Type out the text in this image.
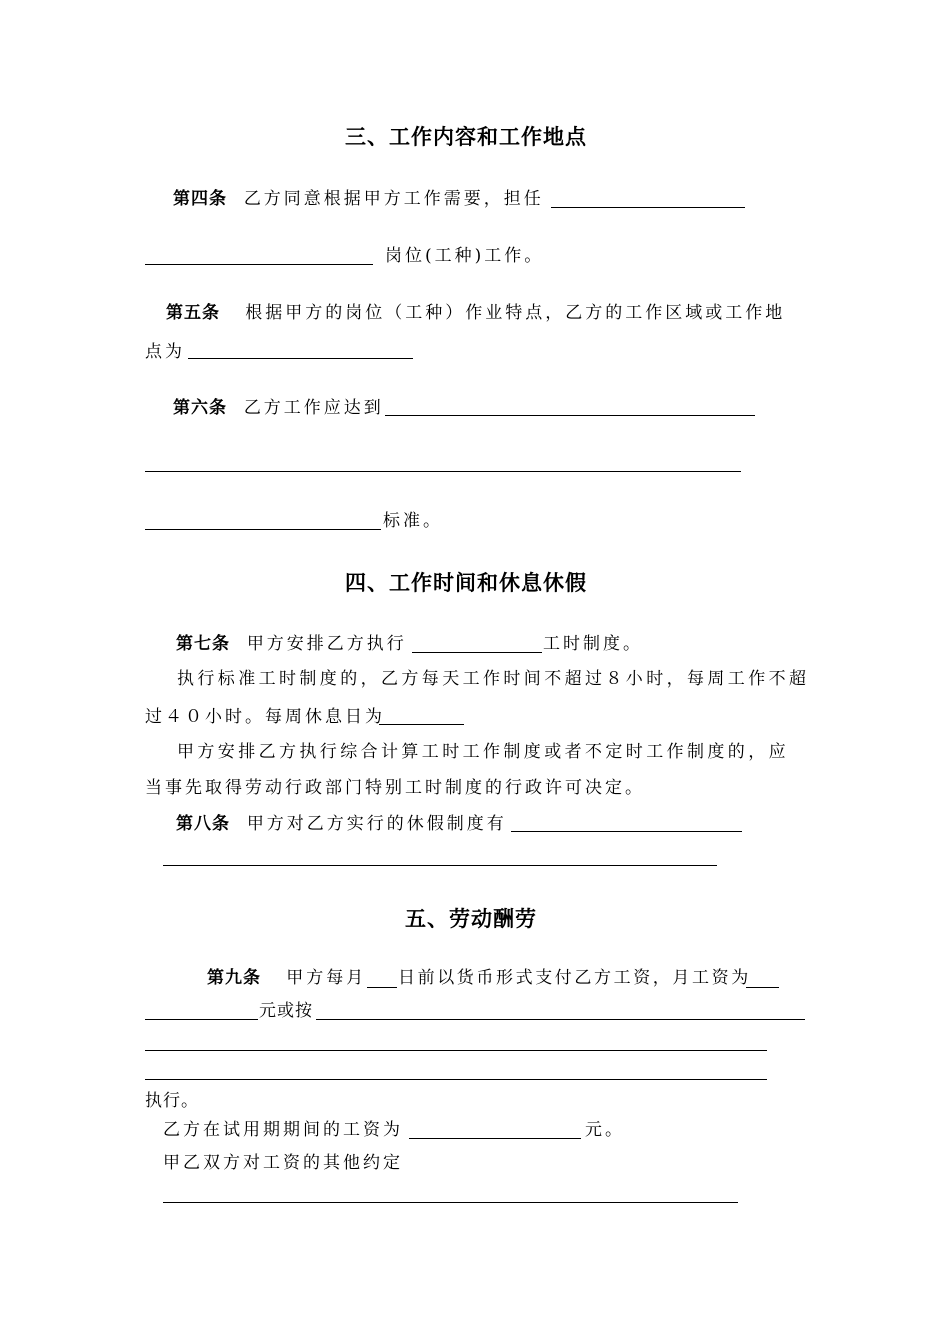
三、工作内容和工作地点
第四条 乙方同意根据甲方工作需要，担任
岗位(工种)工作。
第五条 根据甲方的岗位（工种）作业特点，乙方的工作区域或工作地
点为
第六条 乙方工作应达到
标准。
四、工作时间和休息休假
第七条 甲方安排乙方执行	工时制度。
执行标准工时制度的，乙方每天工作时间不超过８小时，每周工作不超
过４０小时。每周休息日为
甲方安排乙方执行综合计算工时工作制度或者不定时工作制度的，应
当事先取得劳动行政部门特别工时制度的行政许可决定。
第八条 甲方对乙方实行的休假制度有
五、劳动酬劳
第九条 甲方每月 日前以货币形式支付乙方工资，月工资为
元或按
执行。
乙方在试用期期间的工资为	元。
甲乙双方对工资的其他约定
